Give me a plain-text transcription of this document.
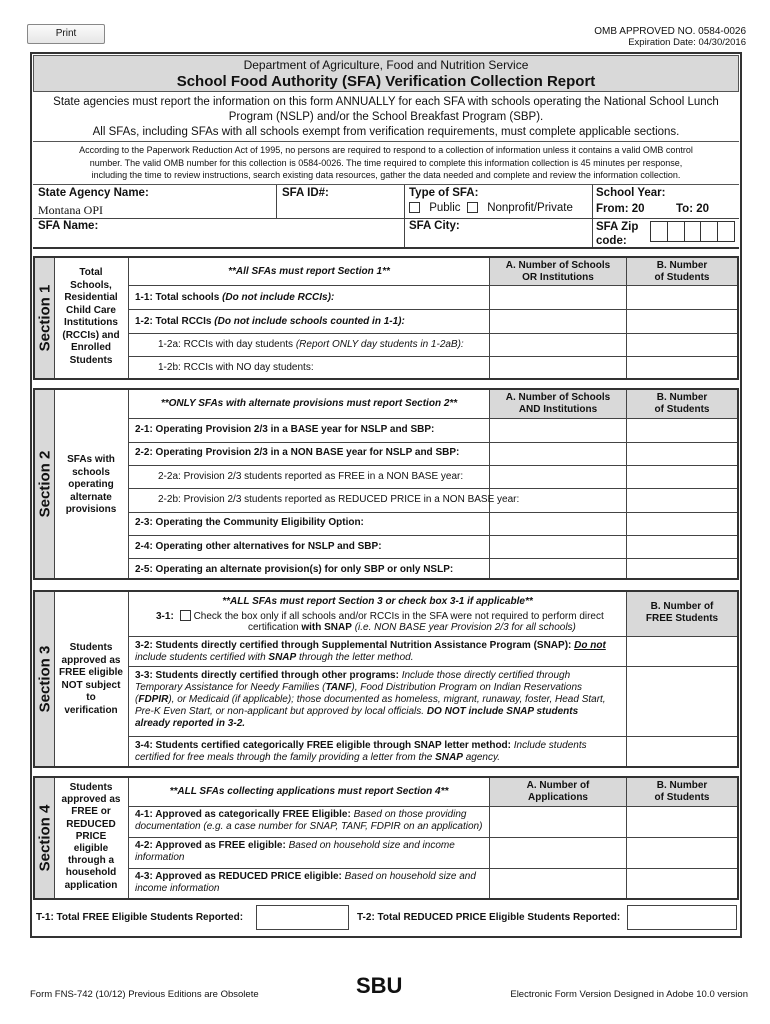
Print	OMB APPROVED NO. 0584-0026
Expiration Date: 04/30/2016
Department of Agriculture, Food and Nutrition Service
School Food Authority (SFA) Verification Collection Report
State agencies must report the information on this form ANNUALLY for each SFA with schools operating the National School Lunch
Program (NSLP) and/or the School Breakfast Program (SBP).
All SFAs, including SFAs with all schools exempt from verification requirements, must complete applicable sections.
According to the Paperwork Reduction Act of 1995, no persons are required to respond to a collection of information unless it contains a valid OMB control
number. The valid OMB number for this collection is 0584-0026. The time required to complete this information collection is 45 minutes per response,
including the time to review instructions, search existing data resources, gather the data needed and complete and review the information collection.
State Agency Name:
Montana OPI
SFA ID#:	Type of SFA:
Public	Nonprofit/Private
School Year:
From: 20	To: 20
SFA Name:	SFA City:	SFA Zip
code:
Section 1
Total
Schools,
Residential
Child Care
Institutions
(RCCIs) and
Enrolled
Students
**All SFAs must report Section 1**
A. Number of Schools
OR Institutions
B. Number
of Students
1-1: Total schools (Do not include RCCIs):
1-2: Total RCCIs (Do not include schools counted in 1-1):
1-2a: RCCIs with day students (Report ONLY day students in 1-2aB):
1-2b: RCCIs with NO day students:
Section 2	SFAs with
schools
operating
alternate
provisions
**ONLY SFAs with alternate provisions must report Section 2**
A. Number of Schools
AND Institutions
B. Number
of Students
2-1: Operating Provision 2/3 in a BASE year for NSLP and SBP:
2-2: Operating Provision 2/3 in a NON BASE year for NSLP and SBP:
2-2a: Provision 2/3 students reported as FREE in a NON BASE year:
2-2b: Provision 2/3 students reported as REDUCED PRICE in a NON BASE year:
2-3: Operating the Community Eligibility Option:
2-4: Operating other alternatives for NSLP and SBP:
2-5: Operating an alternate provision(s) for only SBP or only NSLP:
Section 3	Students
approved as
FREE eligible
NOT subject
to
verification
**ALL SFAs must report Section 3 or check box 3-1 if applicable**
3-1: Check the box only if all schools and/or RCCIs in the SFA were not required to perform direct
certification with SNAP (i.e. NON BASE year Provision 2/3 for all schools)
B. Number of
FREE Students
3-2: Students directly certified through Supplemental Nutrition Assistance Program (SNAP): Do not
include students certified with SNAP through the letter method.
3-3: Students directly certified through other programs: Include those directly certified through
Temporary Assistance for Needy Families (TANF), Food Distribution Program on Indian Reservations
(FDPIR), or Medicaid (if applicable); those documented as homeless, migrant, runaway, foster, Head Start,
Pre-K Even Start, or non-applicant but approved by local officials. DO NOT include SNAP students
already reported in 3-2.
3-4: Students certified categorically FREE eligible through SNAP letter method: Include students
certified for free meals through the family providing a letter from the SNAP agency.
Section 4
Students
approved as
FREE or
REDUCED
PRICE
eligible
through a
household
application
**ALL SFAs collecting applications must report Section 4**
A. Number of
Applications
B. Number
of Students
4-1: Approved as categorically FREE Eligible: Based on those providing
documentation (e.g. a case number for SNAP, TANF, FDPIR on an application)
4-2: Approved as FREE eligible: Based on household size and income
information
4-3: Approved as REDUCED PRICE eligible: Based on household size and
income information
T-1: Total FREE Eligible Students Reported:	T-2: Total REDUCED PRICE Eligible Students Reported:
Form FNS-742 (10/12) Previous Editions are Obsolete	SBU	Electronic Form Version Designed in Adobe 10.0 version
